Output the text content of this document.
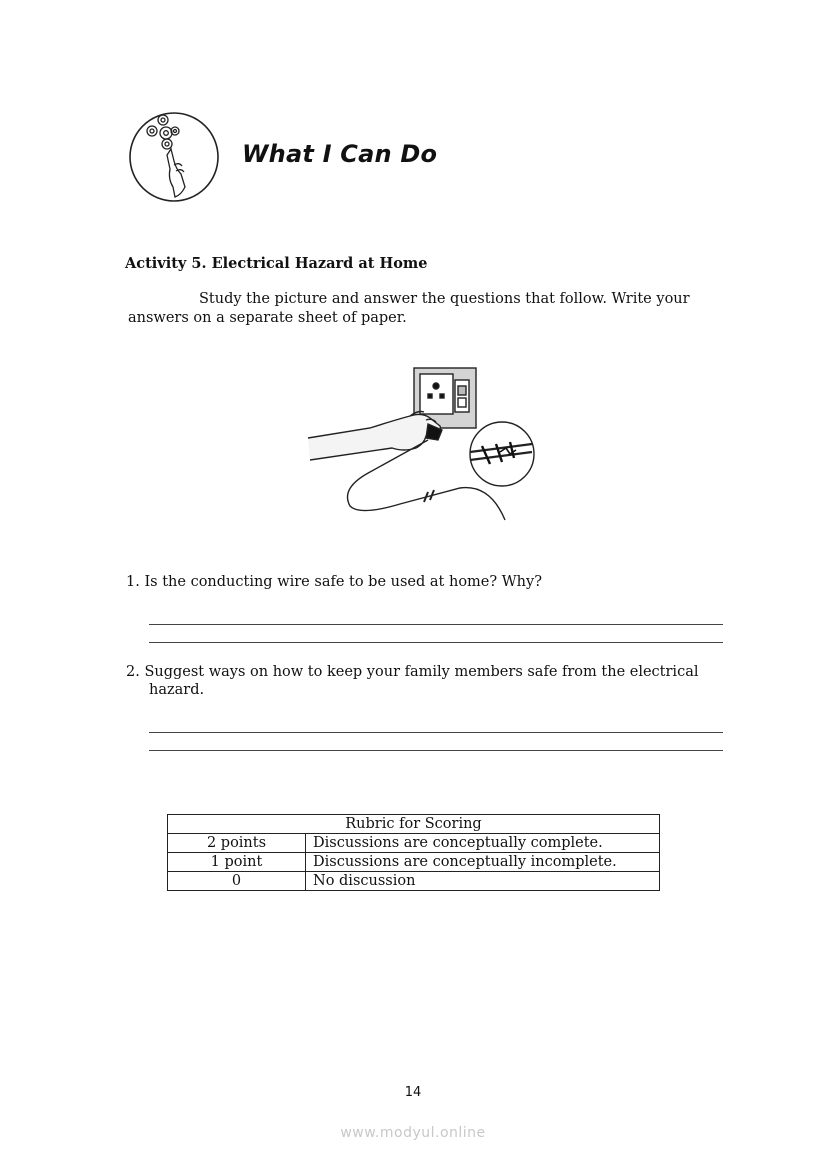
What I Can Do

Activity 5. Electrical Hazard at Home

Study the picture and answer the questions that follow. Write your answers on a separate sheet of paper.

1. Is the conducting wire safe to be used at home? Why?

2. Suggest ways on how to keep your family members safe from the electrical hazard.

Rubric for Scoring	
2 points	Discussions are conceptually complete.
1 point	Discussions are conceptually incomplete.
0	No discussion

14

www.modyul.online
